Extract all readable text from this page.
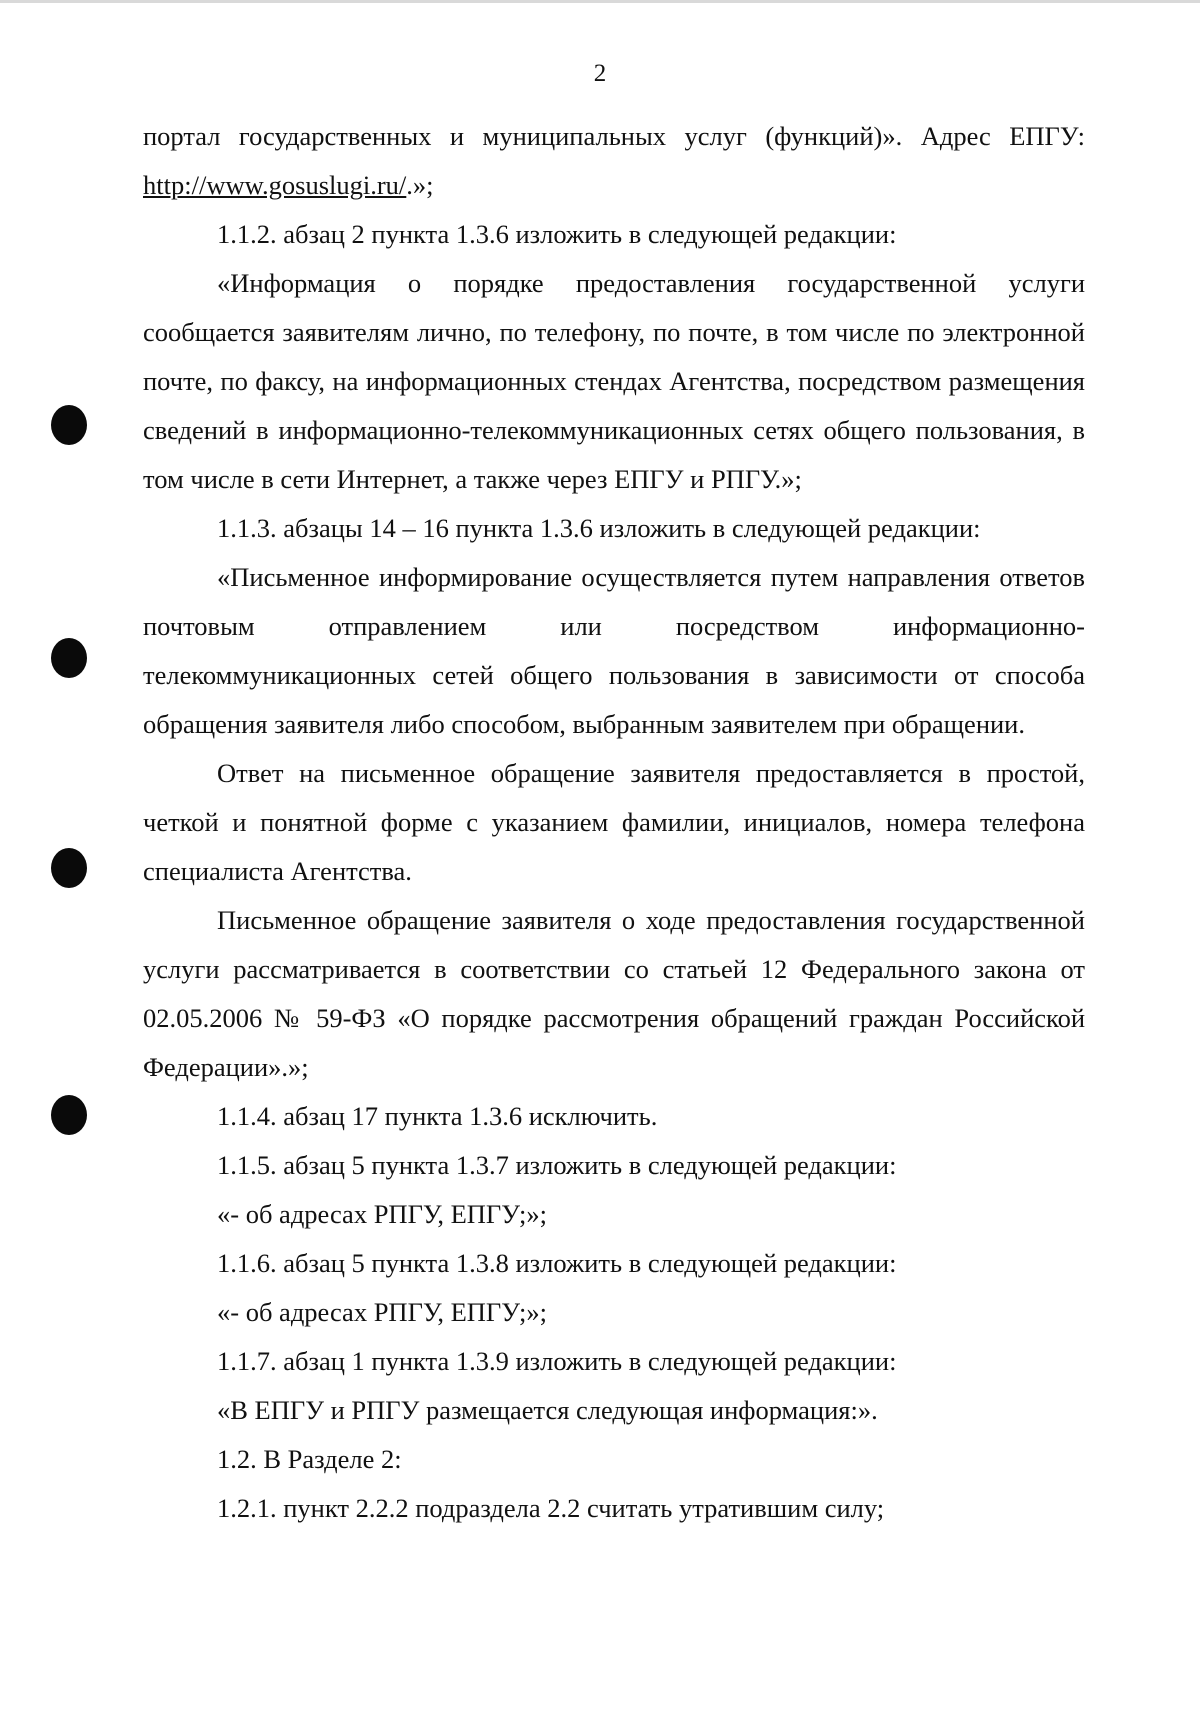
2

портал государственных и муниципальных услуг (функций)». Адрес ЕПГУ: http://www.gosuslugi.ru/.»;

1.1.2. абзац 2 пункта 1.3.6 изложить в следующей редакции:

«Информация о порядке предоставления государственной услуги сообщается заявителям лично, по телефону, по почте, в том числе по электронной почте, по факсу, на информационных стендах Агентства, посредством размещения сведений в информационно-телекоммуникационных сетях общего пользования, в том числе в сети Интернет, а также через ЕПГУ и РПГУ.»;

1.1.3. абзацы 14 – 16 пункта 1.3.6 изложить в следующей редакции:

«Письменное информирование осуществляется путем направления ответов почтовым отправлением или посредством информационно-телекоммуникационных сетей общего пользования в зависимости от способа обращения заявителя либо способом, выбранным заявителем при обращении.

Ответ на письменное обращение заявителя предоставляется в простой, четкой и понятной форме с указанием фамилии, инициалов, номера телефона специалиста Агентства.

Письменное обращение заявителя о ходе предоставления государственной услуги рассматривается в соответствии со статьей 12 Федерального закона от 02.05.2006 № 59-ФЗ «О порядке рассмотрения обращений граждан Российской Федерации».»;

1.1.4. абзац 17 пункта 1.3.6 исключить.

1.1.5. абзац 5 пункта 1.3.7 изложить в следующей редакции:

«- об адресах РПГУ, ЕПГУ;»;

1.1.6. абзац 5 пункта 1.3.8 изложить в следующей редакции:

«- об адресах РПГУ, ЕПГУ;»;

1.1.7. абзац 1 пункта 1.3.9 изложить в следующей редакции:

«В ЕПГУ и РПГУ размещается следующая информация:».

1.2. В Разделе 2:

1.2.1. пункт 2.2.2 подраздела 2.2 считать утратившим силу;
